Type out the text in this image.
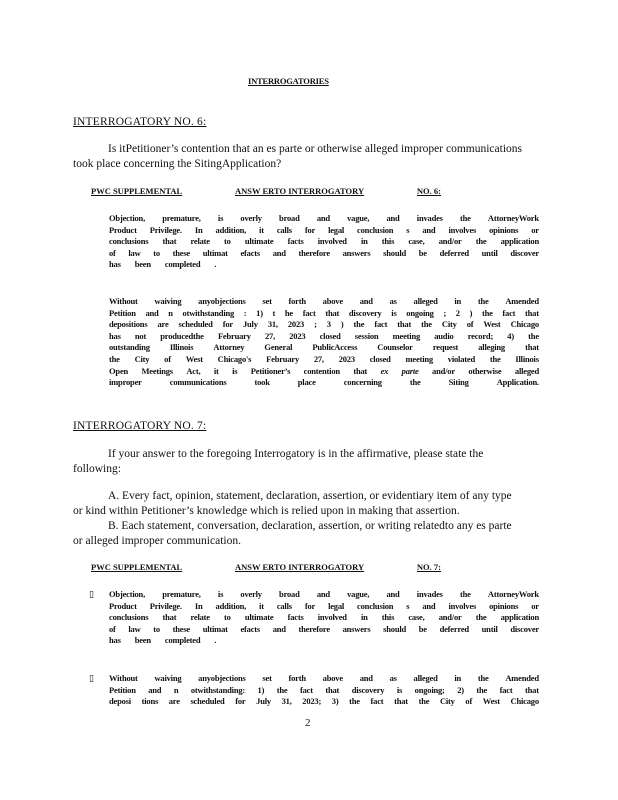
INTERROGATORIES
INTERROGATORY NO. 6:
Is itPetitioner’s contention that an es parte or otherwise alleged improper communications
took place concerning the SitingApplication?
PWC SUPPLEMENTAL	ANSW ERTO INTERROGATORY	NO. 6:
Objection, premature, is overly broad and vague, and invades the AttorneyWork
Product Privilege. In addition, it calls for legal conclusion s and involves opinions or
conclusions that relate to ultimate facts involved in this case, and/or the application
of law to these ultimat efacts and therefore answers should be deferred until discover
has been completed .
Without waiving anyobjections set forth above and as alleged in the Amended
Petition and n otwithstanding : 1) t he fact that discovery is ongoing ; 2 ) the fact that
depositions are scheduled for July 31, 2023 ; 3 ) the fact that the City of West Chicago
has not producedthe February 27, 2023 closed session meeting audio record; 4) the
outstanding Illinois Attorney General PublicAccess Counselor request alleging that
the City of West Chicago's February 27, 2023 closed meeting violated the Illinois
Open Meetings Act, it is Petitioner’s contention that ex parte and/or otherwise alleged
improper	communications	took	place	concerning	the	Siting	Application.
INTERROGATORY NO. 7:
If your answer to the foregoing Interrogatory is in the affirmative, please state the
following:
A. Every fact, opinion, statement, declaration, assertion, or evidentiary item of any type
or kind within Petitioner’s knowledge which is relied upon in making that assertion.
B. Each statement, conversation, declaration, assertion, or writing relatedto any es parte
or alleged improper communication.
PWC SUPPLEMENTAL	ANSW ERTO INTERROGATORY	NO. 7:
▯ Objection, premature, is overly broad and vague, and invades the AttorneyWork
Product Privilege. In addition, it calls for legal conclusion s and involves opinions or
conclusions that relate to ultimate facts involved in this case, and/or the application
of law to these ultimat efacts and therefore answers should be deferred until discover
has been completed .
▯ Without waiving anyobjections set forth above and as alleged in the Amended
Petition and n otwithstanding: 1) the fact that discovery is ongoing; 2) the fact that
deposi tions are scheduled for July 31, 2023; 3) the fact that the City of West Chicago
2
